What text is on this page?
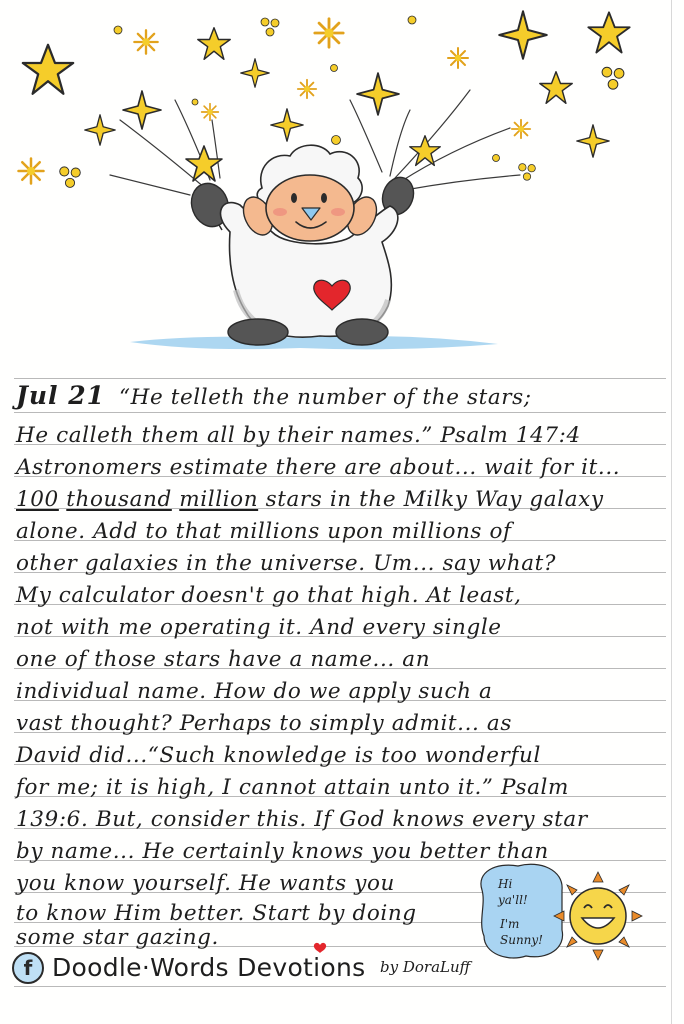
Jul 21 “He telleth the number of the stars;
He calleth them all by their names.” Psalm 147:4
Astronomers estimate there are about... wait for it...
100 thousand million stars in the Milky Way galaxy
alone. Add to that millions upon millions of
other galaxies in the universe. Um... say what?
My calculator doesn't go that high. At least,
not with me operating it. And every single
one of those stars have a name... an
individual name. How do we apply such a
vast thought? Perhaps to simply admit... as
David did...“Such knowledge is too wonderful
for me; it is high, I cannot attain unto it.” Psalm
139:6. But, consider this. If God knows every star
by name... He certainly knows you better than
you know yourself. He wants you
to know Him better. Start by doing
some star gazing.
Hi
ya'll!
I'm
Sunny!
f Doodle·Words Devotions by DoraLuff
